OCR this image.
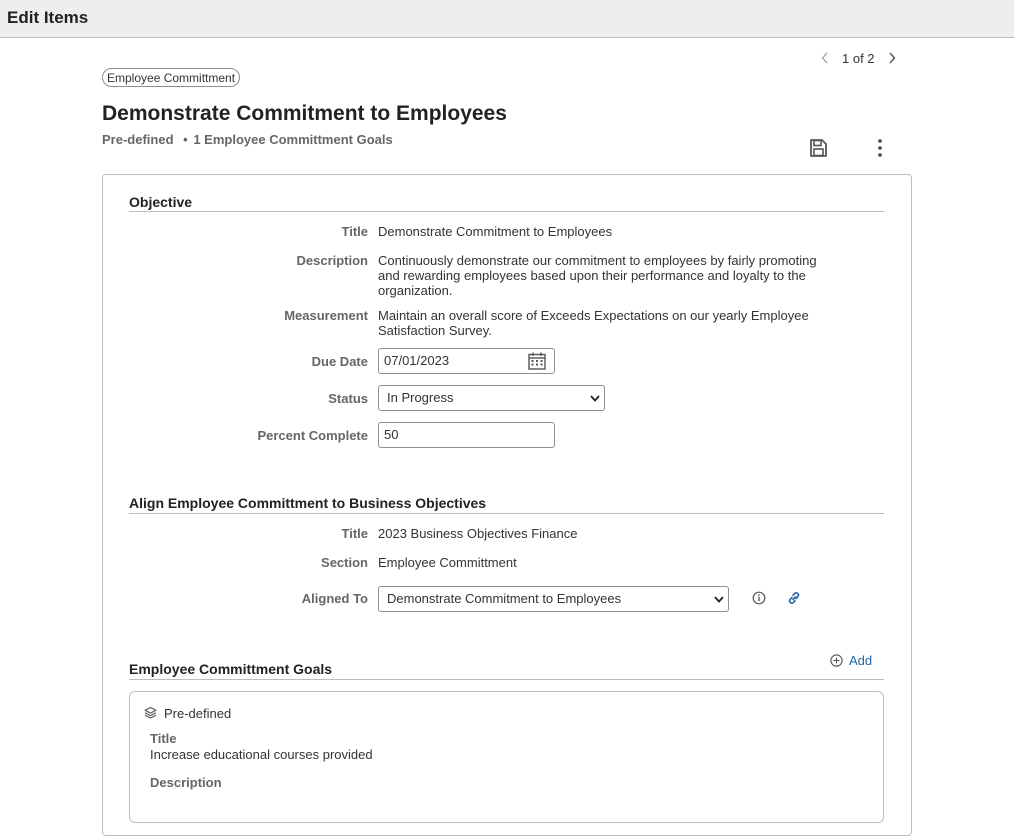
Edit Items
1 of 2
Employee Committment
Demonstrate Commitment to Employees
Pre-defined • 1 Employee Committment Goals
Objective
Title Demonstrate Commitment to Employees
Description Continuously demonstrate our commitment to employees by fairly promoting
and rewarding employees based upon their performance and loyalty to the
organization.
Measurement Maintain an overall score of Exceeds Expectations on our yearly Employee
Satisfaction Survey.
Due Date	07/01/2023
Status In Progress
Percent Complete	50
Align Employee Committment to Business Objectives
Title 2023 Business Objectives Finance
Section Employee Committment
Aligned To Demonstrate Commitment to Employees
Employee Committment Goals
Add
Pre-defined
Title
Increase educational courses provided
Description
